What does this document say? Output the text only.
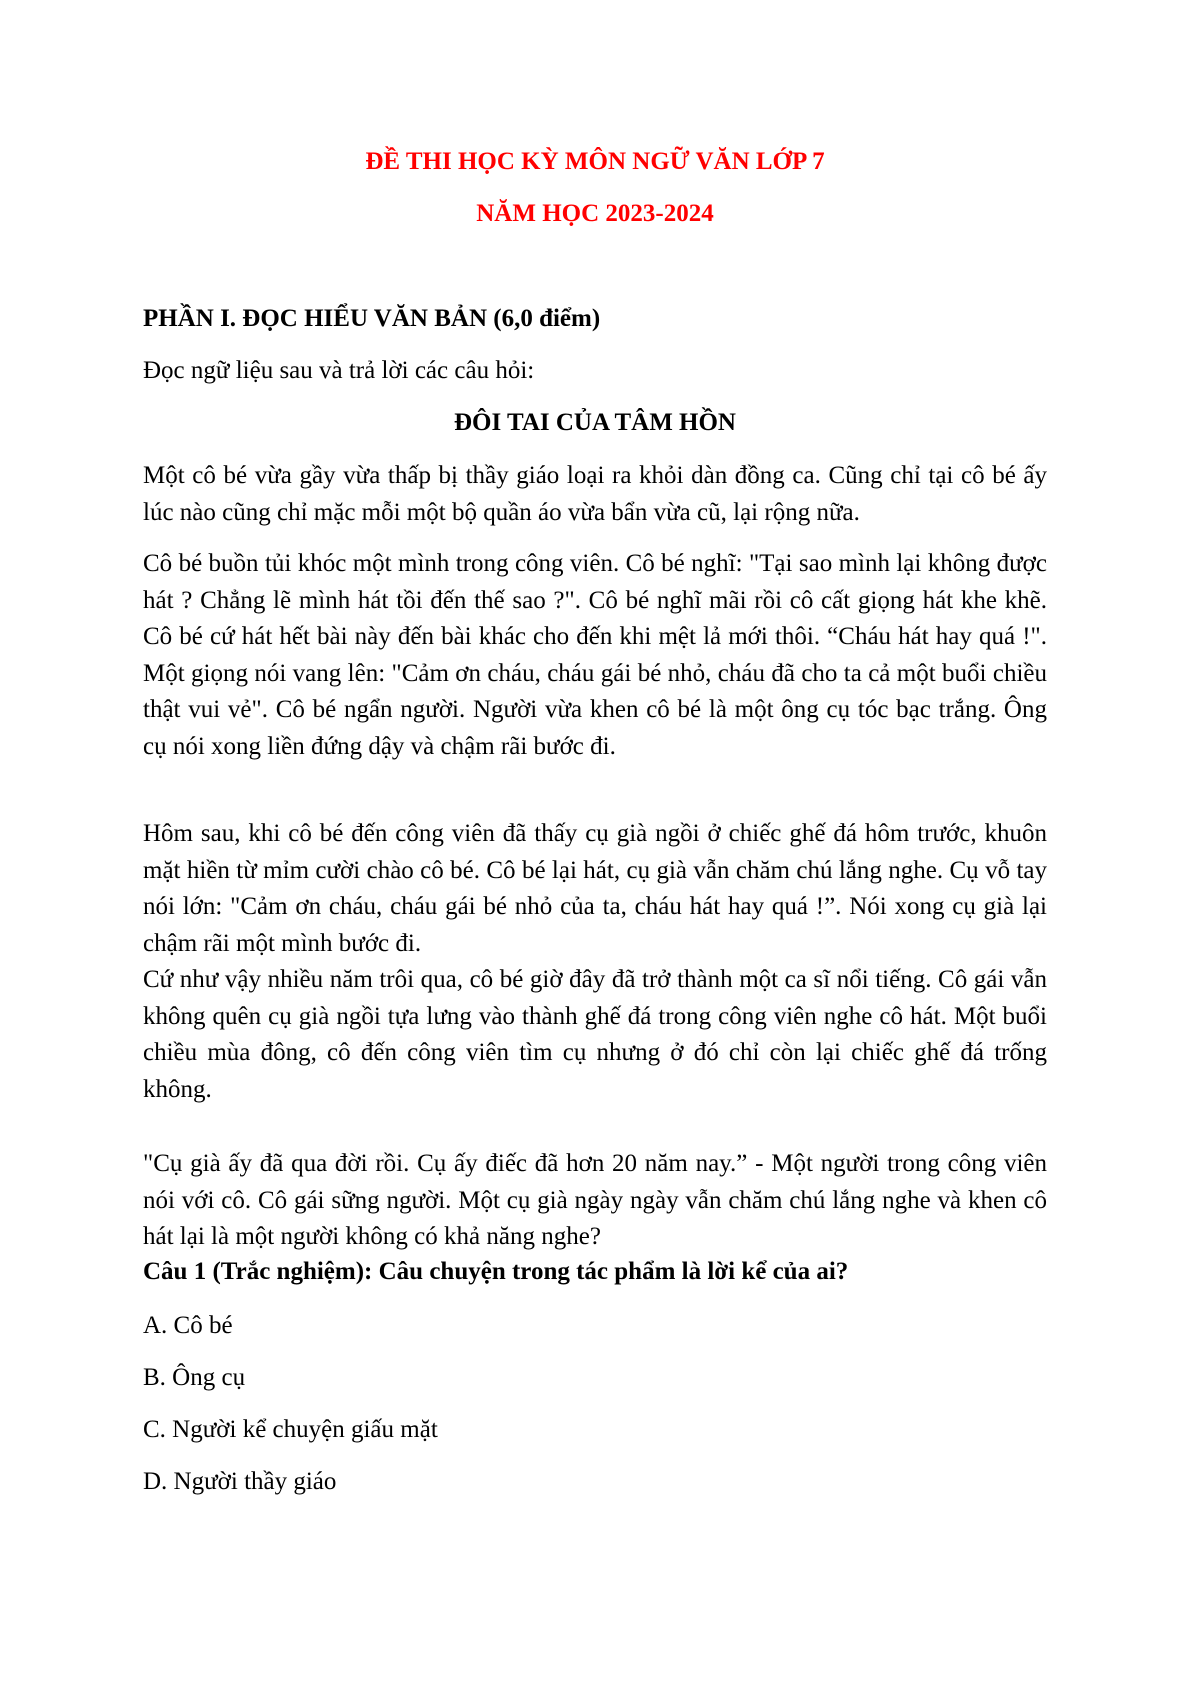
ĐỀ THI HỌC KỲ MÔN NGỮ VĂN LỚP 7
NĂM HỌC 2023-2024
PHẦN I. ĐỌC HIỂU VĂN BẢN (6,0 điểm)

Đọc ngữ liệu sau và trả lời các câu hỏi:

ĐÔI TAI CỦA TÂM HỒN

Một cô bé vừa gầy vừa thấp bị thầy giáo loại ra khỏi dàn đồng ca. Cũng chỉ tại cô bé ấy lúc nào cũng chỉ mặc mỗi một bộ quần áo vừa bẩn vừa cũ, lại rộng nữa.

Cô bé buồn tủi khóc một mình trong công viên. Cô bé nghĩ: "Tại sao mình lại không được hát ? Chẳng lẽ mình hát tồi đến thế sao ?". Cô bé nghĩ mãi rồi cô cất giọng hát khe khẽ. Cô bé cứ hát hết bài này đến bài khác cho đến khi mệt lả mới thôi. “Cháu hát hay quá !". Một giọng nói vang lên: "Cảm ơn cháu, cháu gái bé nhỏ, cháu đã cho ta cả một buổi chiều thật vui vẻ". Cô bé ngẩn người. Người vừa khen cô bé là một ông cụ tóc bạc trắng. Ông cụ nói xong liền đứng dậy và chậm rãi bước đi.

Hôm sau, khi cô bé đến công viên đã thấy cụ già ngồi ở chiếc ghế đá hôm trước, khuôn mặt hiền từ mỉm cười chào cô bé. Cô bé lại hát, cụ già vẫn chăm chú lắng nghe. Cụ vỗ tay nói lớn: "Cảm ơn cháu, cháu gái bé nhỏ của ta, cháu hát hay quá !”. Nói xong cụ già lại chậm rãi một mình bước đi.

Cứ như vậy nhiều năm trôi qua, cô bé giờ đây đã trở thành một ca sĩ nổi tiếng. Cô gái vẫn không quên cụ già ngồi tựa lưng vào thành ghế đá trong công viên nghe cô hát. Một buổi chiều mùa đông, cô đến công viên tìm cụ nhưng ở đó chỉ còn lại chiếc ghế đá trống không.

"Cụ già ấy đã qua đời rồi. Cụ ấy điếc đã hơn 20 năm nay.” - Một người trong công viên nói với cô. Cô gái sững người. Một cụ già ngày ngày vẫn chăm chú lắng nghe và khen cô hát lại là một người không có khả năng nghe?

Câu 1 (Trắc nghiệm): Câu chuyện trong tác phẩm là lời kể của ai?

A. Cô bé

B. Ông cụ

C. Người kể chuyện giấu mặt

D. Người thầy giáo
